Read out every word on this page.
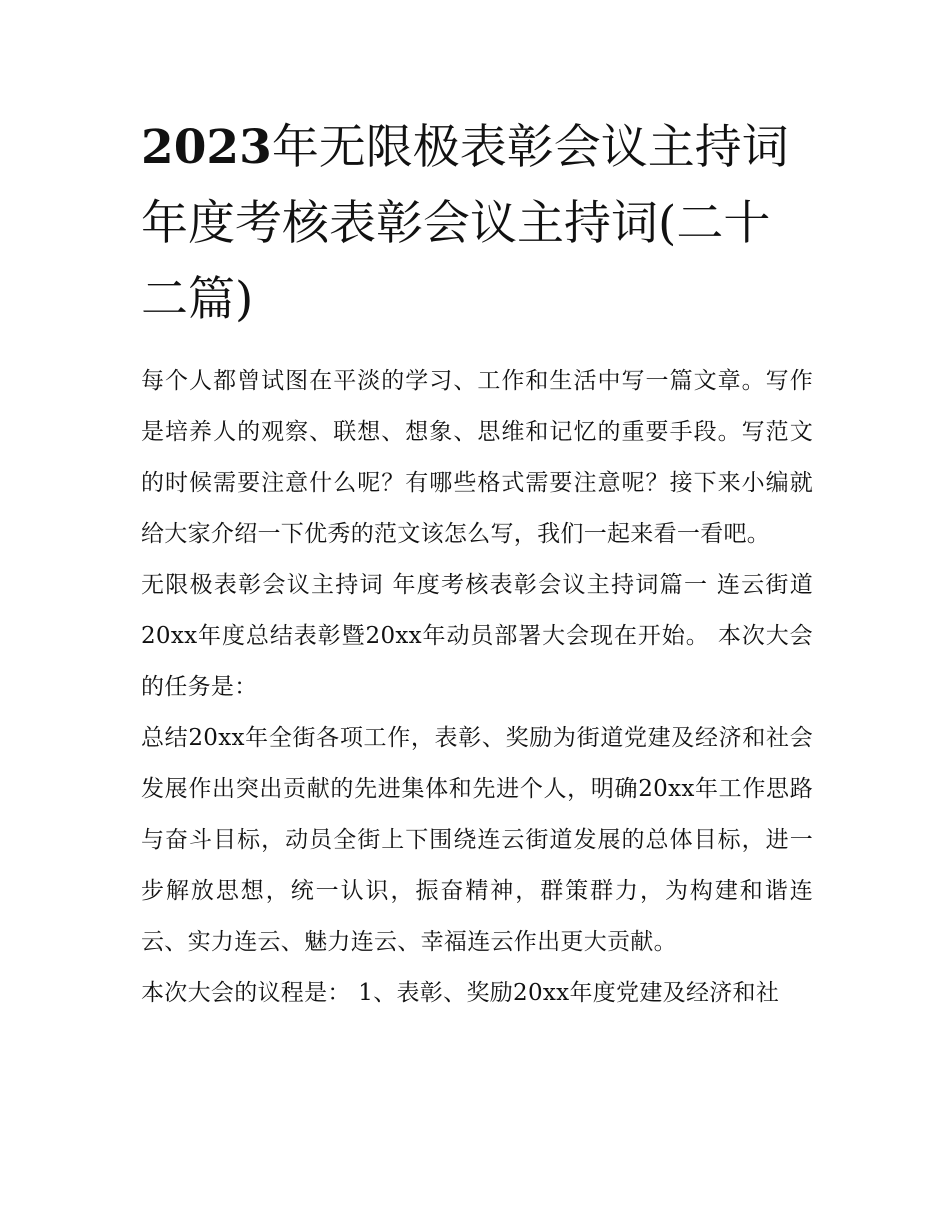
2023年无限极表彰会议主持词年度考核表彰会议主持词(二十二篇)

每个人都曾试图在平淡的学习、工作和生活中写一篇文章。写作是培养人的观察、联想、想象、思维和记忆的重要手段。写范文的时候需要注意什么呢？有哪些格式需要注意呢？接下来小编就给大家介绍一下优秀的范文该怎么写，我们一起来看一看吧。

无限极表彰会议主持词 年度考核表彰会议主持词篇一 连云街道20xx年度总结表彰暨20xx年动员部署大会现在开始。 本次大会的任务是：

总结20xx年全街各项工作，表彰、奖励为街道党建及经济和社会发展作出突出贡献的先进集体和先进个人，明确20xx年工作思路与奋斗目标，动员全街上下围绕连云街道发展的总体目标，进一步解放思想，统一认识，振奋精神，群策群力，为构建和谐连云、实力连云、魅力连云、幸福连云作出更大贡献。

本次大会的议程是： 1、表彰、奖励20xx年度党建及经济和社
